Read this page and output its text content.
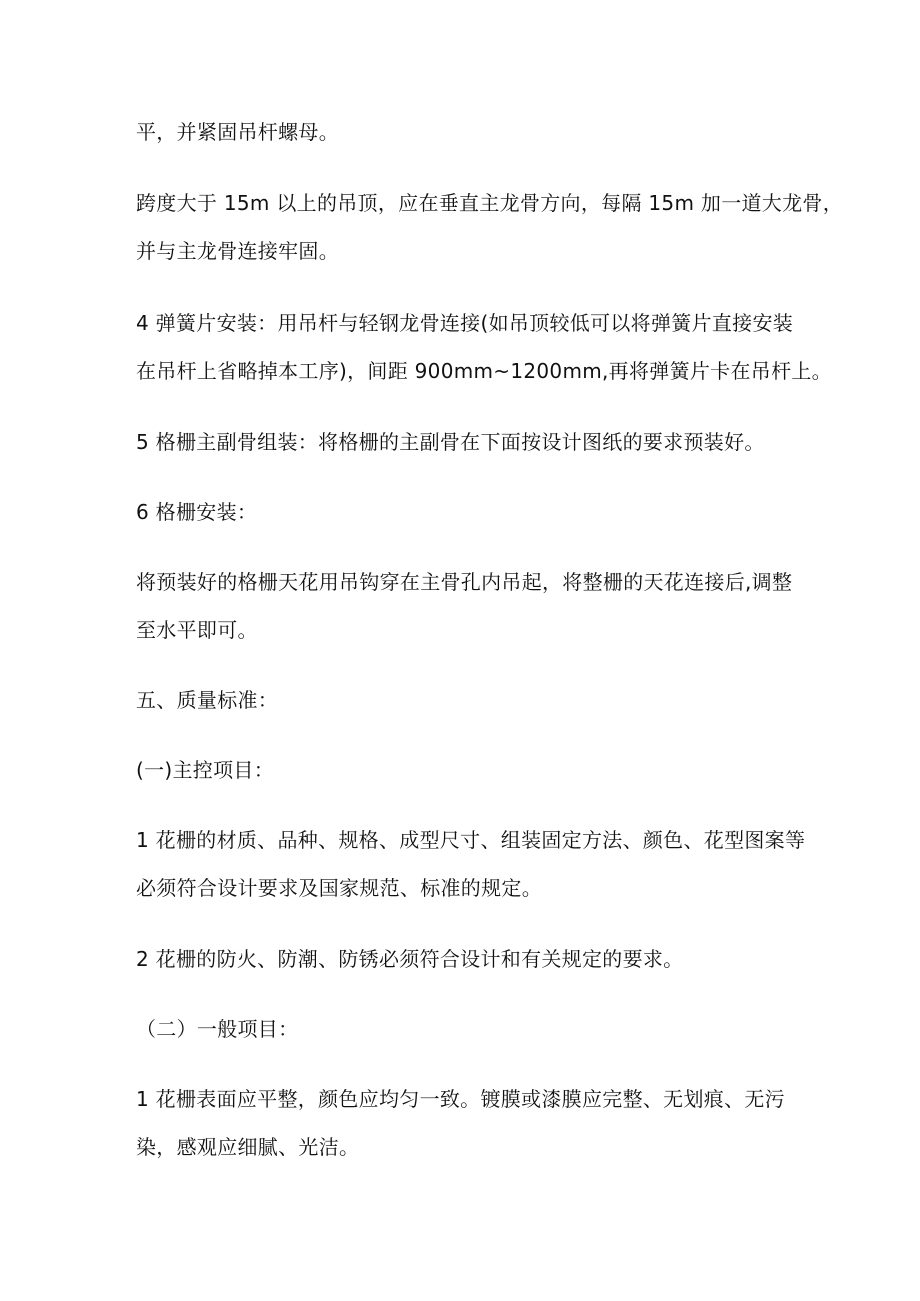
平，并紧固吊杆螺母。
跨度大于 15m 以上的吊顶，应在垂直主龙骨方向，每隔 15m 加一道大龙骨，
并与主龙骨连接牢固。
4 弹簧片安装：用吊杆与轻钢龙骨连接(如吊顶较低可以将弹簧片直接安装
在吊杆上省略掉本工序)，间距 900mm~1200mm,再将弹簧片卡在吊杆上。
5 格栅主副骨组装：将格栅的主副骨在下面按设计图纸的要求预装好。
6 格栅安装：
将预装好的格栅天花用吊钩穿在主骨孔内吊起，将整栅的天花连接后,调整
至水平即可。
五、质量标准：
(一)主控项目：
1 花栅的材质、品种、规格、成型尺寸、组装固定方法、颜色、花型图案等
必须符合设计要求及国家规范、标准的规定。
2 花栅的防火、防潮、防锈必须符合设计和有关规定的要求。
（二）一般项目：
1 花栅表面应平整，颜色应均匀一致。镀膜或漆膜应完整、无划痕、无污
染，感观应细腻、光洁。
